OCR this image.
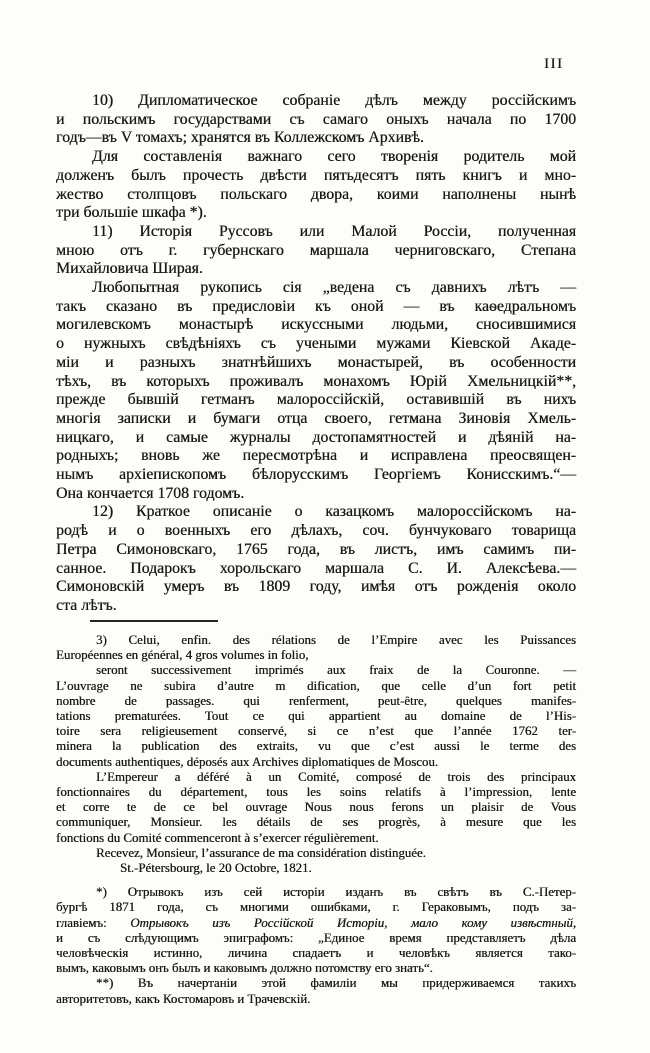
III
10) Дипломатическое собраніе дѣлъ между россійскимъ
и польскимъ государствами съ самаго оныхъ начала по 1700
годъ—въ V томахъ; хранятся въ Коллежскомъ Архивѣ.
Для составленія важнаго сего творенія родитель мой
долженъ былъ прочесть двѣсти пятьдесятъ пять книгъ и мно-
жество столпцовъ польскаго двора, коими наполнены нынѣ
три большіе шкафа *).
11) Исторія Руссовъ или Малой Россіи, полученная
мною отъ г. губернскаго маршала черниговскаго, Степана
Михайловича Ширая.
Любопытная рукопись сія „ведена съ давнихъ лѣтъ —
такъ сказано въ предисловіи къ оной — въ каѳедральномъ
могилевскомъ монастырѣ искуссными людьми, сносившимися
о нужныхъ свѣдѣніяхъ съ учеными мужами Кіевской Акаде-
міи и разныхъ знатнѣйшихъ монастырей, въ особенности
тѣхъ, въ которыхъ проживалъ монахомъ Юрій Хмельницкій**,
прежде бывшій гетманъ малороссійскій, оставившій въ нихъ
многія записки и бумаги отца своего, гетмана Зиновія Хмель-
ницкаго, и самые журналы достопамятностей и дѣяній на-
родныхъ; вновь же пересмотрѣна и исправлена преосвящен-
нымъ архіепископомъ бѣлорусскимъ Георгіемъ Конисскимъ.“—
Она кончается 1708 годомъ.
12) Краткое описаніе о казацкомъ малороссійскомъ на-
родѣ и о военныхъ его дѣлахъ, соч. бунчуковаго товарища
Петра Симоновскаго, 1765 года, въ листъ, имъ самимъ пи-
санное. Подарокъ хорольскаго маршала С. И. Алексѣева.—
Симоновскій умеръ въ 1809 году, имѣя отъ рожденія около
ста лѣтъ.
3) Celui, enfin. des rélations de l’Empire avec les Puissances
Européennes en général, 4 gros volumes in folio,
seront successivement imprimés aux fraix de la Couronne. —
L’ouvrage ne subira d’autre m dification, que celle d’un fort petit
nombre de passages. qui renferment, peut-être, quelques manifes-
tations prematurées. Tout ce qui appartient au domaine de l’His-
toire sera religieusement conservé, si ce n’est que l’année 1762 ter-
minera la publication des extraits, vu que c’est aussi le terme des
documents authentiques, déposés aux Archives diplomatiques de Moscou.
L’Empereur a déféré à un Comité, composé de trois des principaux
fonctionnaires du département, tous les soins relatifs à l’impression, lente
et corre te de ce bel ouvrage Nous nous ferons un plaisir de Vous
communiquer, Monsieur. les détails de ses progrès, à mesure que les
fonctions du Comité commenceront à s’exercer régulièrement.
Recevez, Monsieur, l’assurance de ma considération distinguée.
St.-Pétersbourg, le 20 Octobre, 1821.
*) Отрывокъ изъ сей исторіи изданъ въ свѣтъ въ С.-Петер-
бургѣ 1871 года, съ многими ошибками, г. Гераковымъ, подъ за-
главіемъ: Отрывокъ изъ Россійской Исторіи, мало кому извѣстный,
и съ слѣдующимъ эпиграфомъ: „Единое время представляетъ дѣла
человѣческія истинно, личина спадаетъ и человѣкъ является тако-
вымъ, каковымъ онъ былъ и каковымъ должно потомству его знать“.
**) Въ начертаніи этой фамиліи мы придерживаемся такихъ
авторитетовъ, какъ Костомаровъ и Трачевскій.
